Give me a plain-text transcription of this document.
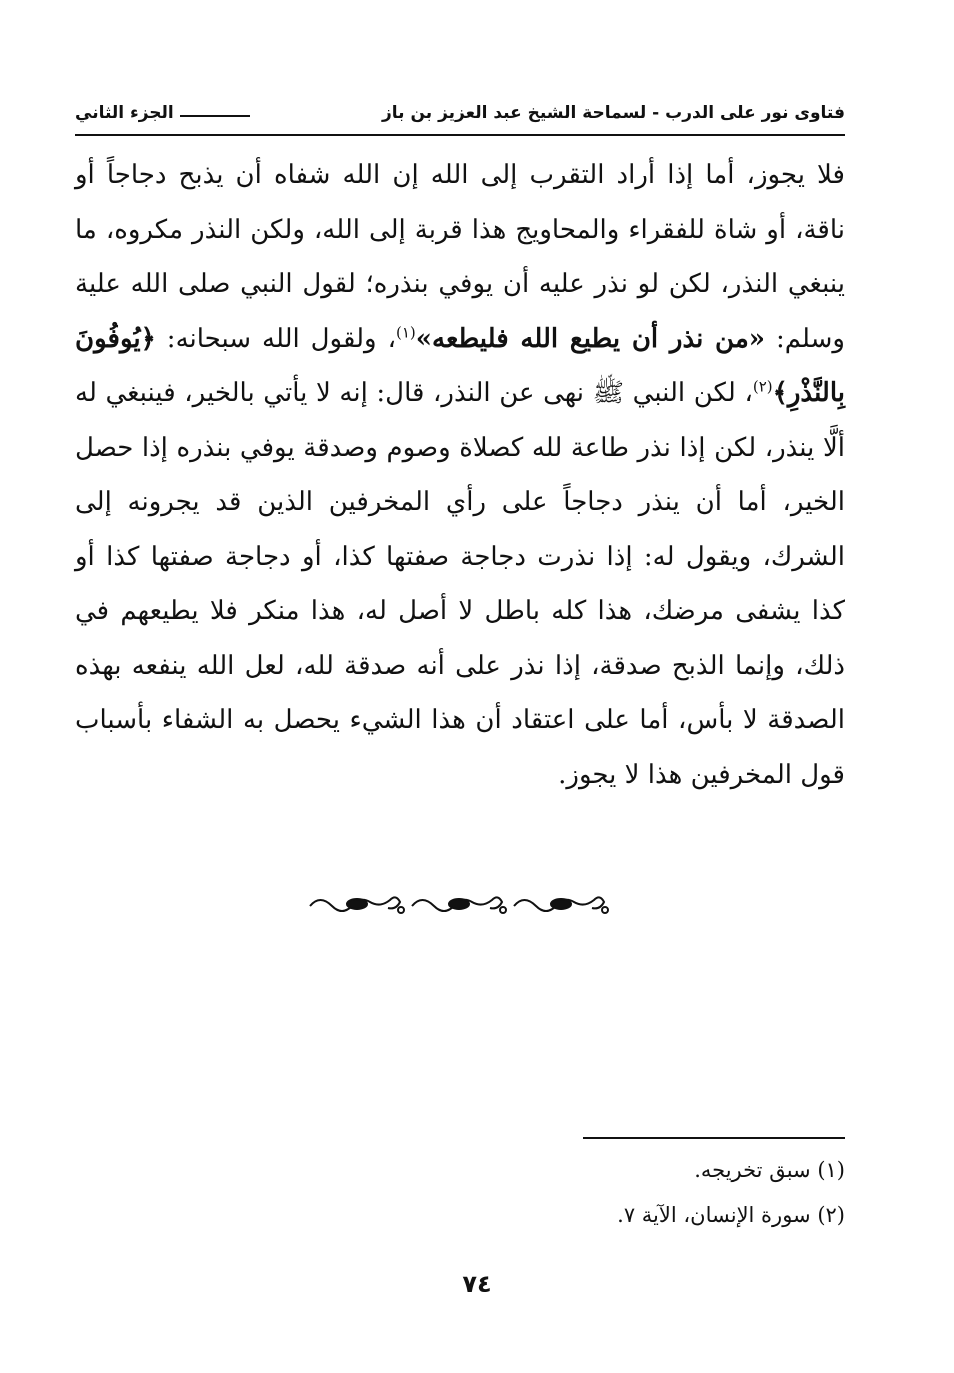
فتاوى نور على الدرب - لسماحة الشيخ عبد العزيز بن باز
الجزء الثاني

فلا يجوز، أما إذا أراد التقرب إلى الله إن الله شفاه أن يذبح دجاجاً أو ناقة، أو شاة للفقراء والمحاويج هذا قربة إلى الله، ولكن النذر مكروه، ما ينبغي النذر، لكن لو نذر عليه أن يوفي بنذره؛ لقول النبي صلى الله علية وسلم: «من نذر أن يطيع الله فليطعه»$^{(١)}$، ولقول الله سبحانه: ﴿يُوفُونَ بِالنَّذْرِ﴾$^{(٢)}$، لكن النبي ﷺ نهى عن النذر، قال: إنه لا يأتي بالخير، فينبغي له ألَّا ينذر، لكن إذا نذر طاعة لله كصلاة وصوم وصدقة يوفي بنذره إذا حصل الخير، أما أن ينذر دجاجاً على رأي المخرفين الذين قد يجرونه إلى الشرك، ويقول له: إذا نذرت دجاجة صفتها كذا، أو دجاجة صفتها كذا أو كذا يشفى مرضك، هذا كله باطل لا أصل له، هذا منكر فلا يطيعهم في ذلك، وإنما الذبح صدقة، إذا نذر على أنه صدقة لله، لعل الله ينفعه بهذه الصدقة لا بأس، أما على اعتقاد أن هذا الشيء يحصل به الشفاء بأسباب قول المخرفين هذا لا يجوز.

(١) سبق تخريجه.

(٢) سورة الإنسان، الآية ٧.

٧٤
